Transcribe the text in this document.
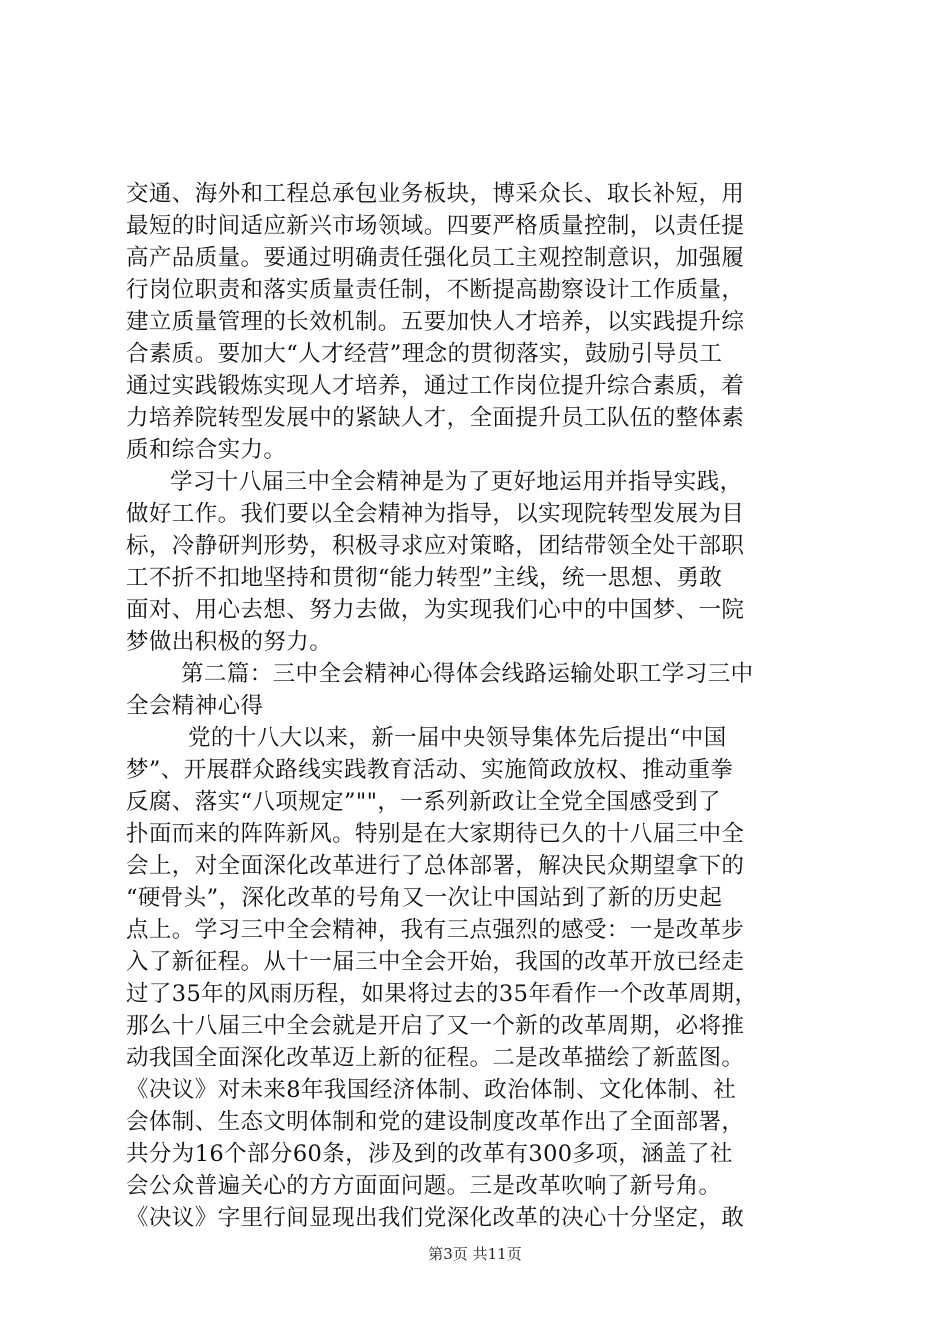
交通、海外和工程总承包业务板块，博采众长、取长补短，用
最短的时间适应新兴市场领域。四要严格质量控制，以责任提
高产品质量。要通过明确责任强化员工主观控制意识，加强履
行岗位职责和落实质量责任制，不断提高勘察设计工作质量，
建立质量管理的长效机制。五要加快人才培养，以实践提升综
合素质。要加大“人才经营”理念的贯彻落实，鼓励引导员工
通过实践锻炼实现人才培养，通过工作岗位提升综合素质，着
力培养院转型发展中的紧缺人才，全面提升员工队伍的整体素
质和综合实力。
学习十八届三中全会精神是为了更好地运用并指导实践，
做好工作。我们要以全会精神为指导，以实现院转型发展为目
标，冷静研判形势，积极寻求应对策略，团结带领全处干部职
工不折不扣地坚持和贯彻“能力转型”主线，统一思想、勇敢
面对、用心去想、努力去做，为实现我们心中的中国梦、一院
梦做出积极的努力。
第二篇：三中全会精神心得体会线路运输处职工学习三中
全会精神心得
党的十八大以来，新一届中央领导集体先后提出“中国
梦”、开展群众路线实践教育活动、实施简政放权、推动重拳
反腐、落实“八项规定”""，一系列新政让全党全国感受到了
扑面而来的阵阵新风。特别是在大家期待已久的十八届三中全
会上，对全面深化改革进行了总体部署，解决民众期望拿下的
“硬骨头”，深化改革的号角又一次让中国站到了新的历史起
点上。学习三中全会精神，我有三点强烈的感受：一是改革步
入了新征程。从十一届三中全会开始，我国的改革开放已经走
过了35年的风雨历程，如果将过去的35年看作一个改革周期，
那么十八届三中全会就是开启了又一个新的改革周期，必将推
动我国全面深化改革迈上新的征程。二是改革描绘了新蓝图。
《决议》对未来8年我国经济体制、政治体制、文化体制、社
会体制、生态文明体制和党的建设制度改革作出了全面部署，
共分为16个部分60条，涉及到的改革有300多项，涵盖了社
会公众普遍关心的方方面面问题。三是改革吹响了新号角。
《决议》字里行间显现出我们党深化改革的决心十分坚定，敢
第3页 共11页
